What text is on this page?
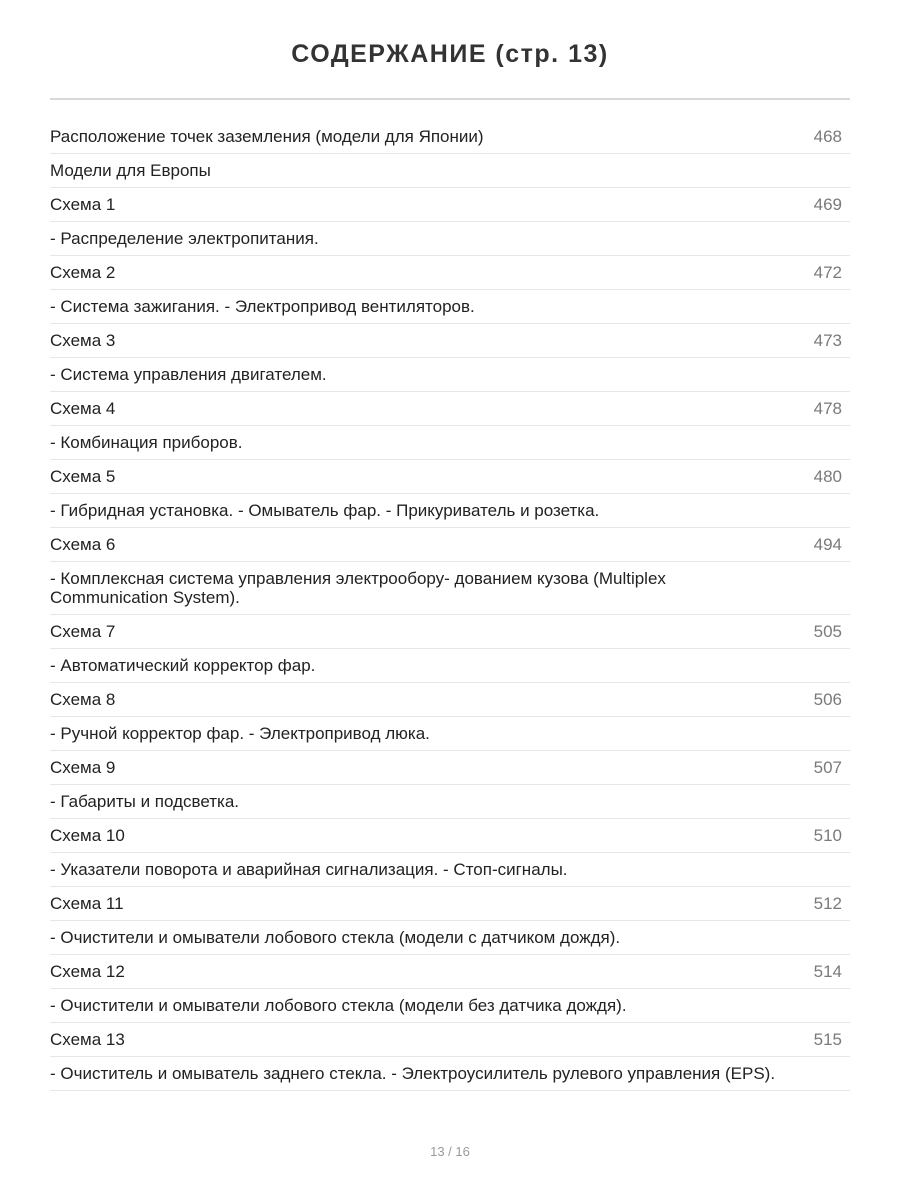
СОДЕРЖАНИЕ (стр. 13)
Расположение точек заземления (модели для Японии)	468
Модели для Европы
Схема 1	469
- Распределение электропитания.
Схема 2	472
- Система зажигания. - Электропривод вентиляторов.
Схема 3	473
- Система управления двигателем.
Схема 4	478
- Комбинация приборов.
Схема 5	480
- Гибридная установка. - Омыватель фар. - Прикуриватель и розетка.
Схема 6	494
- Комплексная система управления электрообору- дованием кузова (Multiplex Communication System).
Схема 7	505
- Автоматический корректор фар.
Схема 8	506
- Ручной корректор фар. - Электропривод люка.
Схема 9	507
- Габариты и подсветка.
Схема 10	510
- Указатели поворота и аварийная сигнализация. - Стоп-сигналы.
Схема 11	512
- Очистители и омыватели лобового стекла (модели с датчиком дождя).
Схема 12	514
- Очистители и омыватели лобового стекла (модели без датчика дождя).
Схема 13	515
- Очиститель и омыватель заднего стекла. - Электроусилитель рулевого управления (EPS).
13 / 16
